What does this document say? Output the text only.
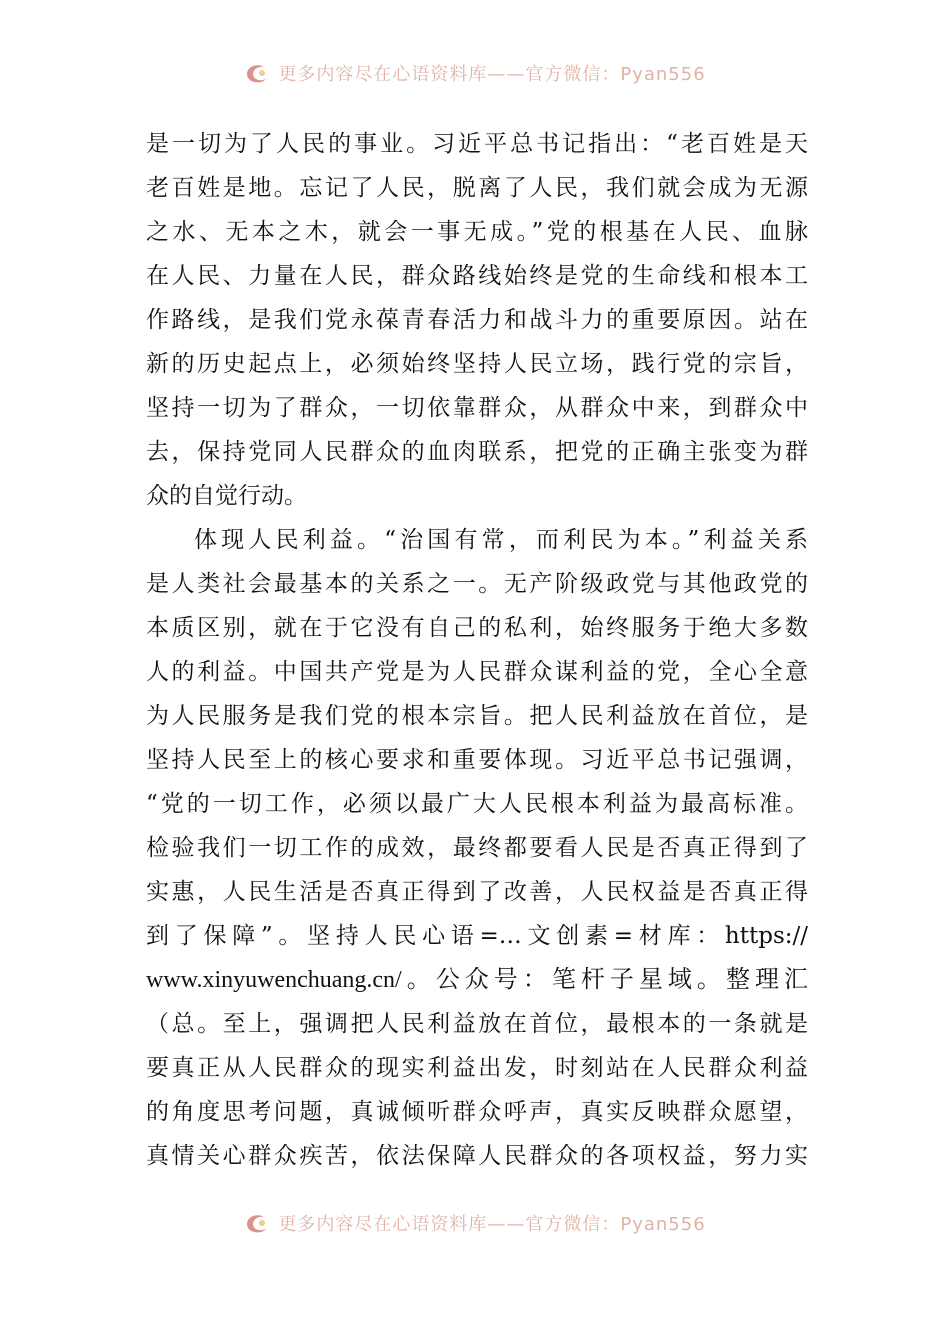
更多内容尽在心语资料库——官方微信：Pyan556
是一切为了人民的事业。习近平总书记指出：“老百姓是天
老百姓是地。忘记了人民，脱离了人民，我们就会成为无源
之水、无本之木，就会一事无成。”党的根基在人民、血脉
在人民、力量在人民，群众路线始终是党的生命线和根本工
作路线，是我们党永葆青春活力和战斗力的重要原因。站在
新的历史起点上，必须始终坚持人民立场，践行党的宗旨，
坚持一切为了群众，一切依靠群众，从群众中来，到群众中
去，保持党同人民群众的血肉联系，把党的正确主张变为群
众的自觉行动。
体现人民利益。“治国有常，而利民为本。”利益关系
是人类社会最基本的关系之一。无产阶级政党与其他政党的
本质区别，就在于它没有自己的私利，始终服务于绝大多数
人的利益。中国共产党是为人民群众谋利益的党，全心全意
为人民服务是我们党的根本宗旨。把人民利益放在首位，是
坚持人民至上的核心要求和重要体现。习近平总书记强调，
“党的一切工作，必须以最广大人民根本利益为最高标准。
检验我们一切工作的成效，最终都要看人民是否真正得到了
实惠，人民生活是否真正得到了改善，人民权益是否真正得
到了保障”。坚持人民心语=…文创素=材库：https://
www.xinyuwenchuang.cn/。公众号：笔杆子星域。整理汇
（总。至上，强调把人民利益放在首位，最根本的一条就是
要真正从人民群众的现实利益出发，时刻站在人民群众利益
的角度思考问题，真诚倾听群众呼声，真实反映群众愿望，
真情关心群众疾苦，依法保障人民群众的各项权益，努力实
更多内容尽在心语资料库——官方微信：Pyan556
